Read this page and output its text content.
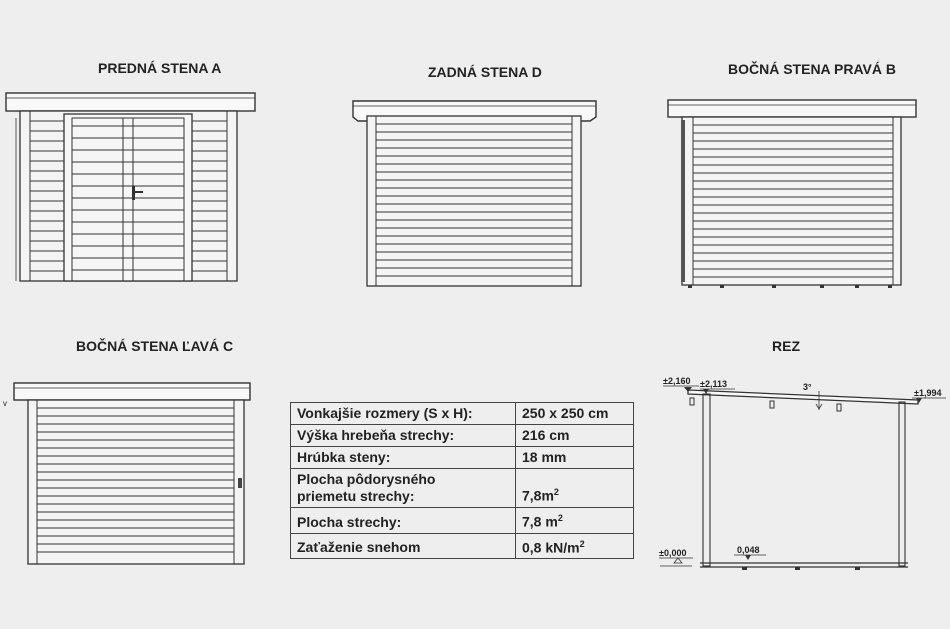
PREDNÁ STENA A	ZADNÁ STENA D	BOČNÁ STENA PRAVÁ B
BOČNÁ STENA ĽAVÁ C	REZ
v
±2,160 ±2,113	3°
±1,994
±0,000	0,048
Vonkajšie rozmery (S x H):	250 x 250 cm
Výška hrebeňa strechy:	216 cm
Hrúbka steny:	18 mm
Plocha pôdorysného
priemetu strechy:	$7,8m^2$
Plocha strechy:	7,8 $m^2$
Zaťaženie snehom	0,8 $kN/m^2$
